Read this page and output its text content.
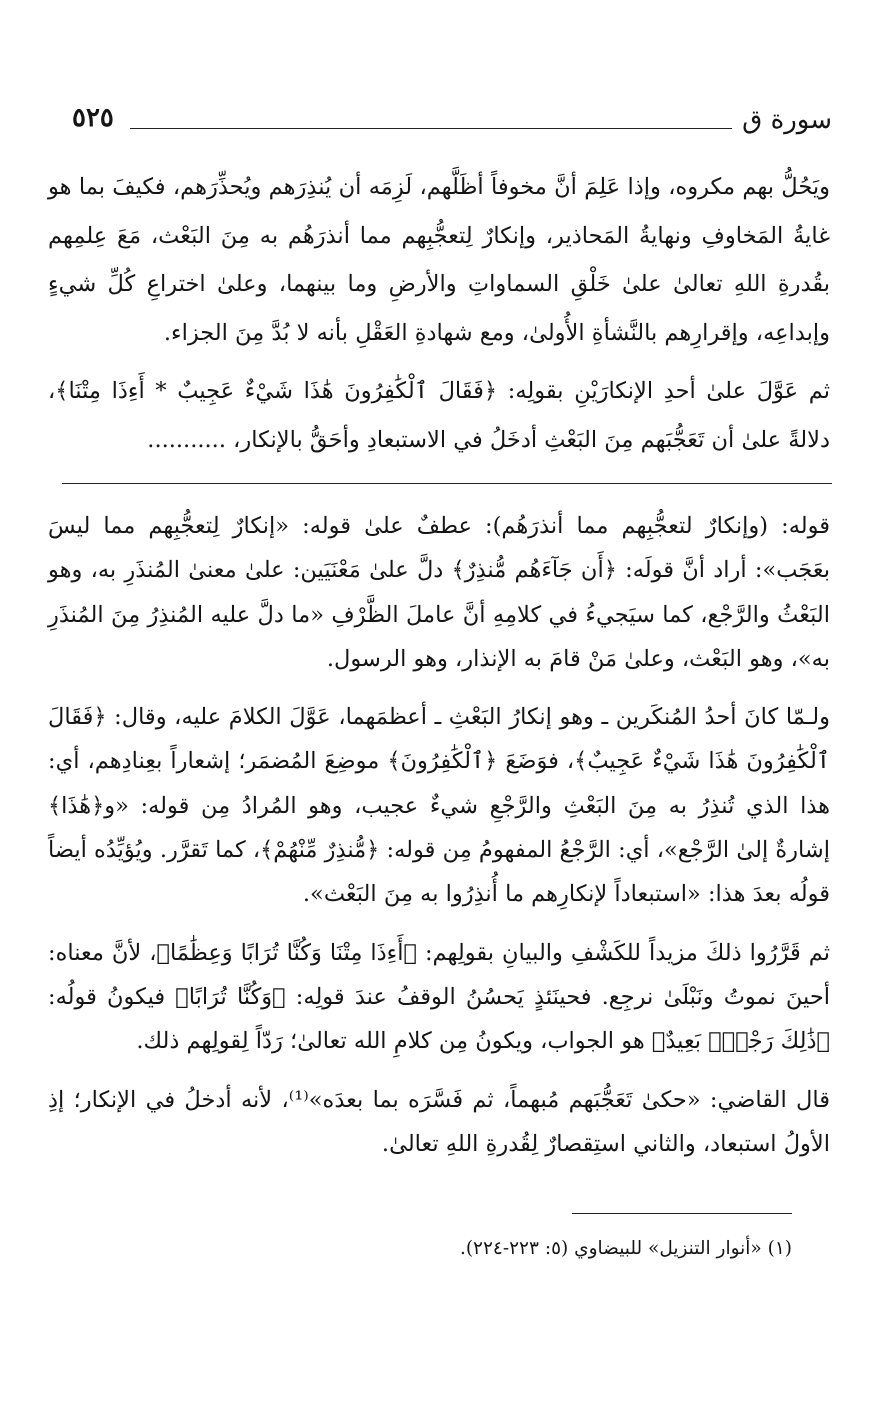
سورة ق
٥٢٥

ويَحُلُّ بهم مكروه، وإذا عَلِمَ أنَّ مخوفاً أظَلَّهم، لَزِمَه أن يُنذِرَهم ويُحذِّرَهم، فكيفَ بما هو غايةُ المَخاوفِ ونهايةُ المَحاذير، وإنكارٌ لِتعجُّبِهم مما أنذرَهُم به مِنَ البَعْث، مَعَ عِلمِهم بقُدرةِ اللهِ تعالىٰ علىٰ خَلْقِ السماواتِ والأرضِ وما بينهما، وعلىٰ اختراعِ كُلِّ شيءٍ وإبداعِه، وإقرارِهم بالنَّشأةِ الأُولىٰ، ومع شهادةِ العَقْلِ بأنه لا بُدَّ مِنَ الجزاء.

ثم عَوَّلَ علىٰ أحدِ الإنكارَيْنِ بقولِه: ﴿فَقَالَ ٱلْكَٰفِرُونَ هَٰذَا شَيْءٌ عَجِيبٌ * أَءِذَا مِتْنَا﴾، دلالةً علىٰ أن تَعَجُّبَهم مِنَ البَعْثِ أدخَلُ في الاستبعادِ وأحَقُّ بالإنكار، ...........

قوله: (وإنكارٌ لتعجُّبِهم مما أنذرَهُم): عطفٌ علىٰ قوله: «إنكارٌ لِتعجُّبِهم مما ليسَ بعَجَب»: أراد أنَّ قولَه: ﴿أَن جَآءَهُم مُّنذِرٌ﴾ دلَّ علىٰ مَعْنَيَين: علىٰ معنىٰ المُنذَرِ به، وهو البَعْثُ والرَّجْع، كما سيَجيءُ في كلامِهِ أنَّ عاملَ الظَّرْفِ «ما دلَّ عليه المُنذِرُ مِنَ المُنذَرِ به»، وهو البَعْث، وعلىٰ مَنْ قامَ به الإنذار، وهو الرسول.

ولـمّا كانَ أحدُ المُنكَرين ـ وهو إنكارُ البَعْثِ ـ أعظمَهما، عَوَّلَ الكلامَ عليه، وقال: ﴿فَقَالَ ٱلْكَٰفِرُونَ هَٰذَا شَيْءٌ عَجِيبٌ﴾، فوَضَعَ ﴿ٱلْكَٰفِرُونَ﴾ موضِعَ المُضمَر؛ إشعاراً بعِنادِهم، أي: هذا الذي تُنذِرُ به مِنَ البَعْثِ والرَّجْعِ شيءٌ عجيب، وهو المُرادُ مِن قوله: «و﴿هَٰذَا﴾ إشارةٌ إلىٰ الرَّجْع»، أي: الرَّجْعُ المفهومُ مِن قوله: ﴿مُّنذِرٌ مِّنْهُمْ﴾، كما تَقرَّر. ويُؤيِّدُه أيضاً قولُه بعدَ هذا: «استبعاداً لإنكارِهم ما أُنذِرُوا به مِنَ البَعْث».

ثم قَرَّرُوا ذلكَ مزيداً للكَشْفِ والبيانِ بقولِهم: ﴿أَءِذَا مِتْنَا وَكُنَّا تُرَابًا وَعِظَٰمًا﴾، لأنَّ معناه: أحينَ نموتُ ونَبْلَىٰ نرجِع. فحينَئذٍ يَحسُنُ الوقفُ عندَ قولِه: ﴿وَكُنَّا تُرَابًا﴾ فيكونُ قولُه: ﴿ذَٰلِكَ رَجْعٌۢ بَعِيدٌ﴾ هو الجواب، ويكونُ مِن كلامِ الله تعالىٰ؛ رَدّاً لِقولِهم ذلك.

قال القاضي: «حكىٰ تَعَجُّبَهم مُبهماً، ثم فَسَّرَه بما بعدَه»⁽¹⁾، لأنه أدخلُ في الإنكار؛ إذِ الأولُ استبعاد، والثاني استِقصارٌ لِقُدرةِ اللهِ تعالىٰ.

(١) «أنوار التنزيل» للبيضاوي (٥: ٢٢٣-٢٢٤).
